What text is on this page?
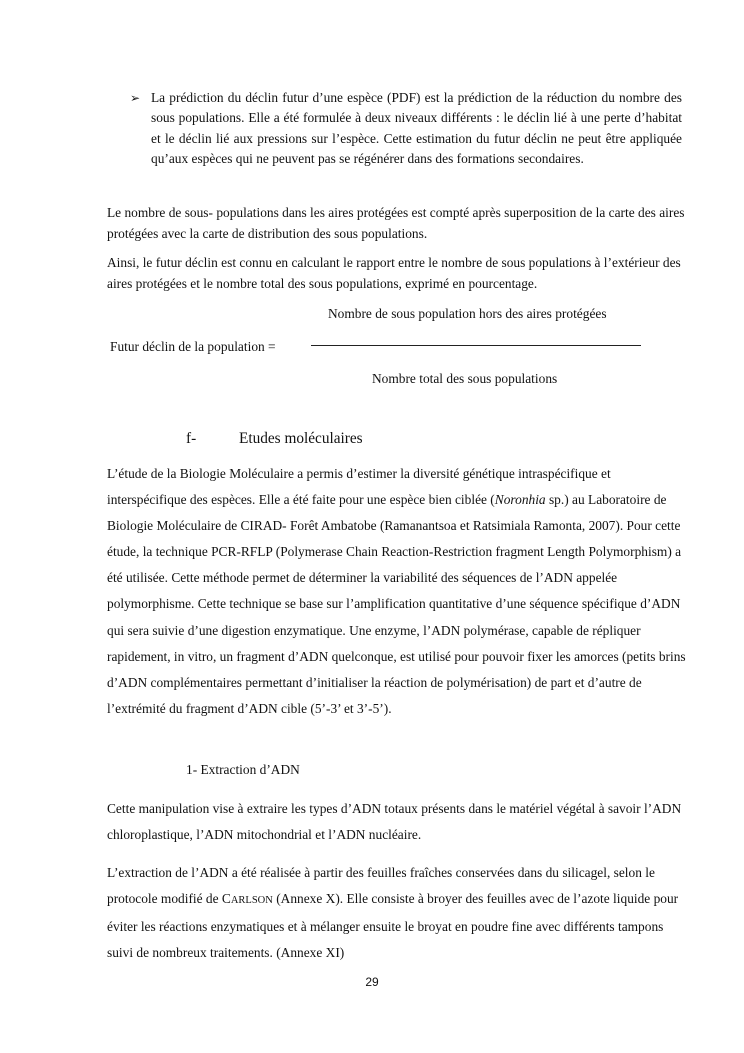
➢ La prédiction du déclin futur d’une espèce (PDF) est la prédiction de la réduction du nombre des sous populations. Elle a été formulée à deux niveaux différents : le déclin lié à une perte d’habitat et le déclin lié aux pressions sur l’espèce. Cette estimation du futur déclin ne peut être appliquée qu’aux espèces qui ne peuvent pas se régénérer dans des formations secondaires.
Le nombre de sous- populations dans les aires protégées est compté après superposition de la carte des aires protégées avec la carte de distribution des sous populations.
Ainsi, le futur déclin est connu en calculant le rapport entre le nombre de sous populations à l’extérieur des aires protégées et le nombre total des sous populations, exprimé en pourcentage.
Nombre de sous population hors des aires protégées
Futur déclin de la population =
Nombre total des sous populations
f-	Etudes moléculaires
L’étude de la Biologie Moléculaire a permis d’estimer la diversité génétique intraspécifique et interspécifique des espèces. Elle a été faite pour une espèce bien ciblée (Noronhia sp.) au Laboratoire de Biologie Moléculaire de CIRAD- Forêt Ambatobe (Ramanantsoa et Ratsimiala Ramonta, 2007). Pour cette étude, la technique PCR-RFLP (Polymerase Chain Reaction-Restriction fragment Length Polymorphism) a été utilisée. Cette méthode permet de déterminer la variabilité des séquences de l’ADN appelée polymorphisme. Cette technique se base sur l’amplification quantitative d’une séquence spécifique d’ADN qui sera suivie d’une digestion enzymatique. Une enzyme, l’ADN polymérase, capable de répliquer rapidement, in vitro, un fragment d’ADN quelconque, est utilisé pour pouvoir fixer les amorces (petits brins d’ADN complémentaires permettant d’initialiser la réaction de polymérisation) de part et d’autre de l’extrémité du fragment d’ADN cible (5’-3’ et 3’-5’).
1- Extraction d’ADN
Cette manipulation vise à extraire les types d’ADN totaux présents dans le matériel végétal à savoir l’ADN chloroplastique, l’ADN mitochondrial et l’ADN nucléaire.
L’extraction de l’ADN a été réalisée à partir des feuilles fraîches conservées dans du silicagel, selon le protocole modifié de CARLSON (Annexe X). Elle consiste à broyer des feuilles avec de l’azote liquide pour éviter les réactions enzymatiques et à mélanger ensuite le broyat en poudre fine avec différents tampons suivi de nombreux traitements. (Annexe XI)
29
